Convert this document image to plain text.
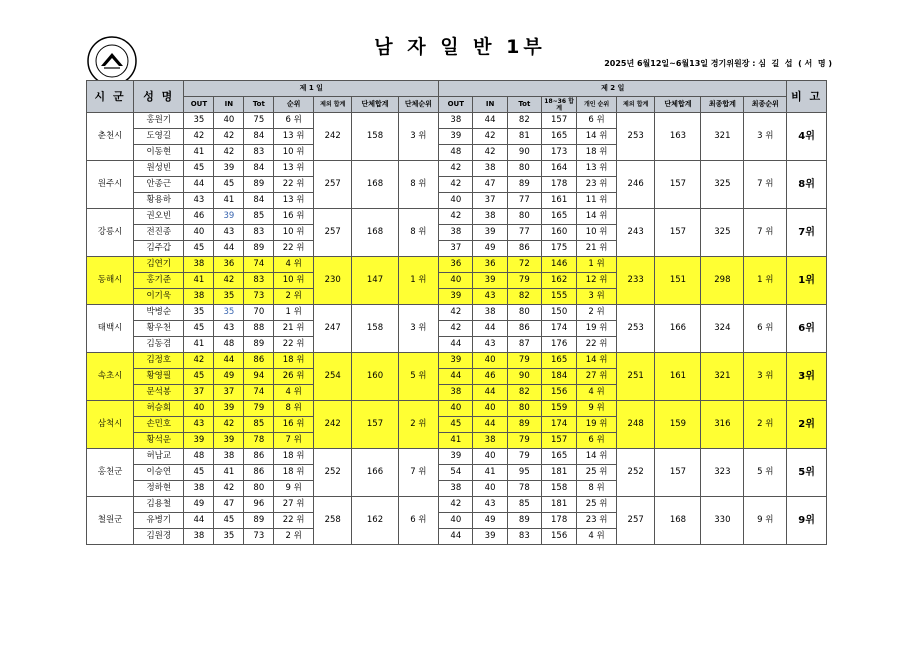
남 자 일 반 1부
2025년 6월12일~6월13일 경기위원장 : 심  길  섭  ( 서  명 )
시 군	성 명	제 1 일							제 2 일									비 고
		OUT	IN	Tot	순위	제외 합계	단체합계	단체순위	OUT	IN	Tot	18~36 합계	개인 순위	제외 합계	단체합계	최종합계	최종순위	
춘천시	홍원기	35	40	75	6 위	242	158	3 위	38	44	82	157	6 위	253	163	321	3 위	4위
	도영길	42	42	84	13 위				39	42	81	165	14 위					
	이동현	41	42	83	10 위				48	42	90	173	18 위					
원주시	원성빈	45	39	84	13 위	257	168	8 위	42	38	80	164	13 위	246	157	325	7 위	8위
	안종근	44	45	89	22 위				42	47	89	178	23 위					
	황용하	43	41	84	13 위				40	37	77	161	11 위					
강릉시	권오빈	46	39	85	16 위	257	168	8 위	42	38	80	165	14 위	243	157	325	7 위	7위
	전진종	40	43	83	10 위				38	39	77	160	10 위					
	김주갑	45	44	89	22 위				37	49	86	175	21 위					
동해시	김연기	38	36	74	4 위	230	147	1 위	36	36	72	146	1 위	233	151	298	1 위	1위
	홍기준	41	42	83	10 위				40	39	79	162	12 위					
	이기욱	38	35	73	2 위				39	43	82	155	3 위					
태백시	박병순	35	35	70	1 위	247	158	3 위	42	38	80	150	2 위	253	166	324	6 위	6위
	황우천	45	43	88	21 위				42	44	86	174	19 위					
	김동겸	41	48	89	22 위				44	43	87	176	22 위					
속초시	김정호	42	44	86	18 위	254	160	5 위	39	40	79	165	14 위	251	161	321	3 위	3위
	황영필	45	49	94	26 위				44	46	90	184	27 위					
	문석봉	37	37	74	4 위				38	44	82	156	4 위					
삼척시	허승회	40	39	79	8 위	242	157	2 위	40	40	80	159	9 위	248	159	316	2 위	2위
	손민호	43	42	85	16 위				45	44	89	174	19 위					
	황석운	39	39	78	7 위				41	38	79	157	6 위					
홍천군	허남교	48	38	86	18 위	252	166	7 위	39	40	79	165	14 위	252	157	323	5 위	5위
	이승연	45	41	86	18 위				54	41	95	181	25 위					
	정하현	38	42	80	9 위				38	40	78	158	8 위					
철원군	김용철	49	47	96	27 위	258	162	6 위	42	43	85	181	25 위	257	168	330	9 위	9위
	유병기	44	45	89	22 위				40	49	89	178	23 위					
	김원경	38	35	73	2 위				44	39	83	156	4 위					
